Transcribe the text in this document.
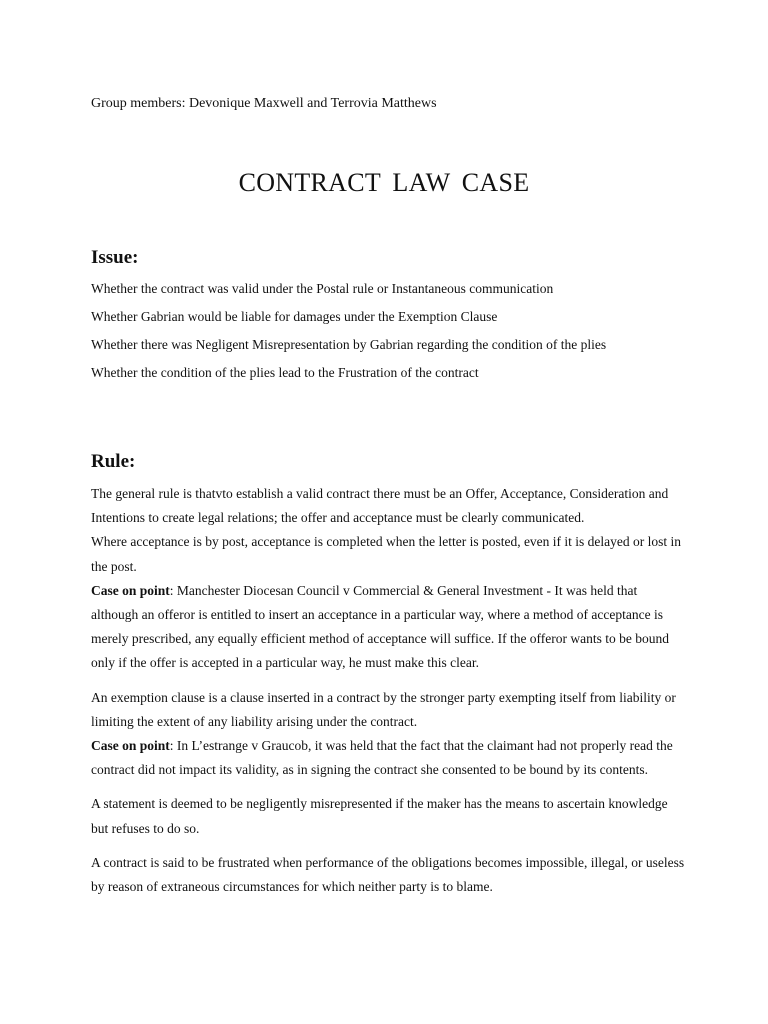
Group members: Devonique Maxwell and Terrovia Matthews
CONTRACT LAW CASE
Issue:
Whether the contract was valid under the Postal rule or Instantaneous communication
Whether Gabrian would be liable for damages under the Exemption Clause
Whether there was Negligent Misrepresentation by Gabrian regarding the condition of the plies
Whether the condition of the plies lead to the Frustration of the contract
Rule:

The general rule is thatvto establish a valid contract there must be an Offer, Acceptance, Consideration and Intentions to create legal relations; the offer and acceptance must be clearly communicated.
Where acceptance is by post, acceptance is completed when the letter is posted, even if it is delayed or lost in the post.
Case on point: Manchester Diocesan Council v Commercial & General Investment - It was held that although an offeror is entitled to insert an acceptance in a particular way, where a method of acceptance is merely prescribed, any equally efficient method of acceptance will suffice. If the offeror wants to be bound only if the offer is accepted in a particular way, he must make this clear.

An exemption clause is a clause inserted in a contract by the stronger party exempting itself from liability or limiting the extent of any liability arising under the contract.
Case on point: In L’estrange v Graucob, it was held that the fact that the claimant had not properly read the contract did not impact its validity, as in signing the contract she consented to be bound by its contents.

A statement is deemed to be negligently misrepresented if the maker has the means to ascertain knowledge but refuses to do so.

A contract is said to be frustrated when performance of the obligations becomes impossible, illegal, or useless by reason of extraneous circumstances for which neither party is to blame.
